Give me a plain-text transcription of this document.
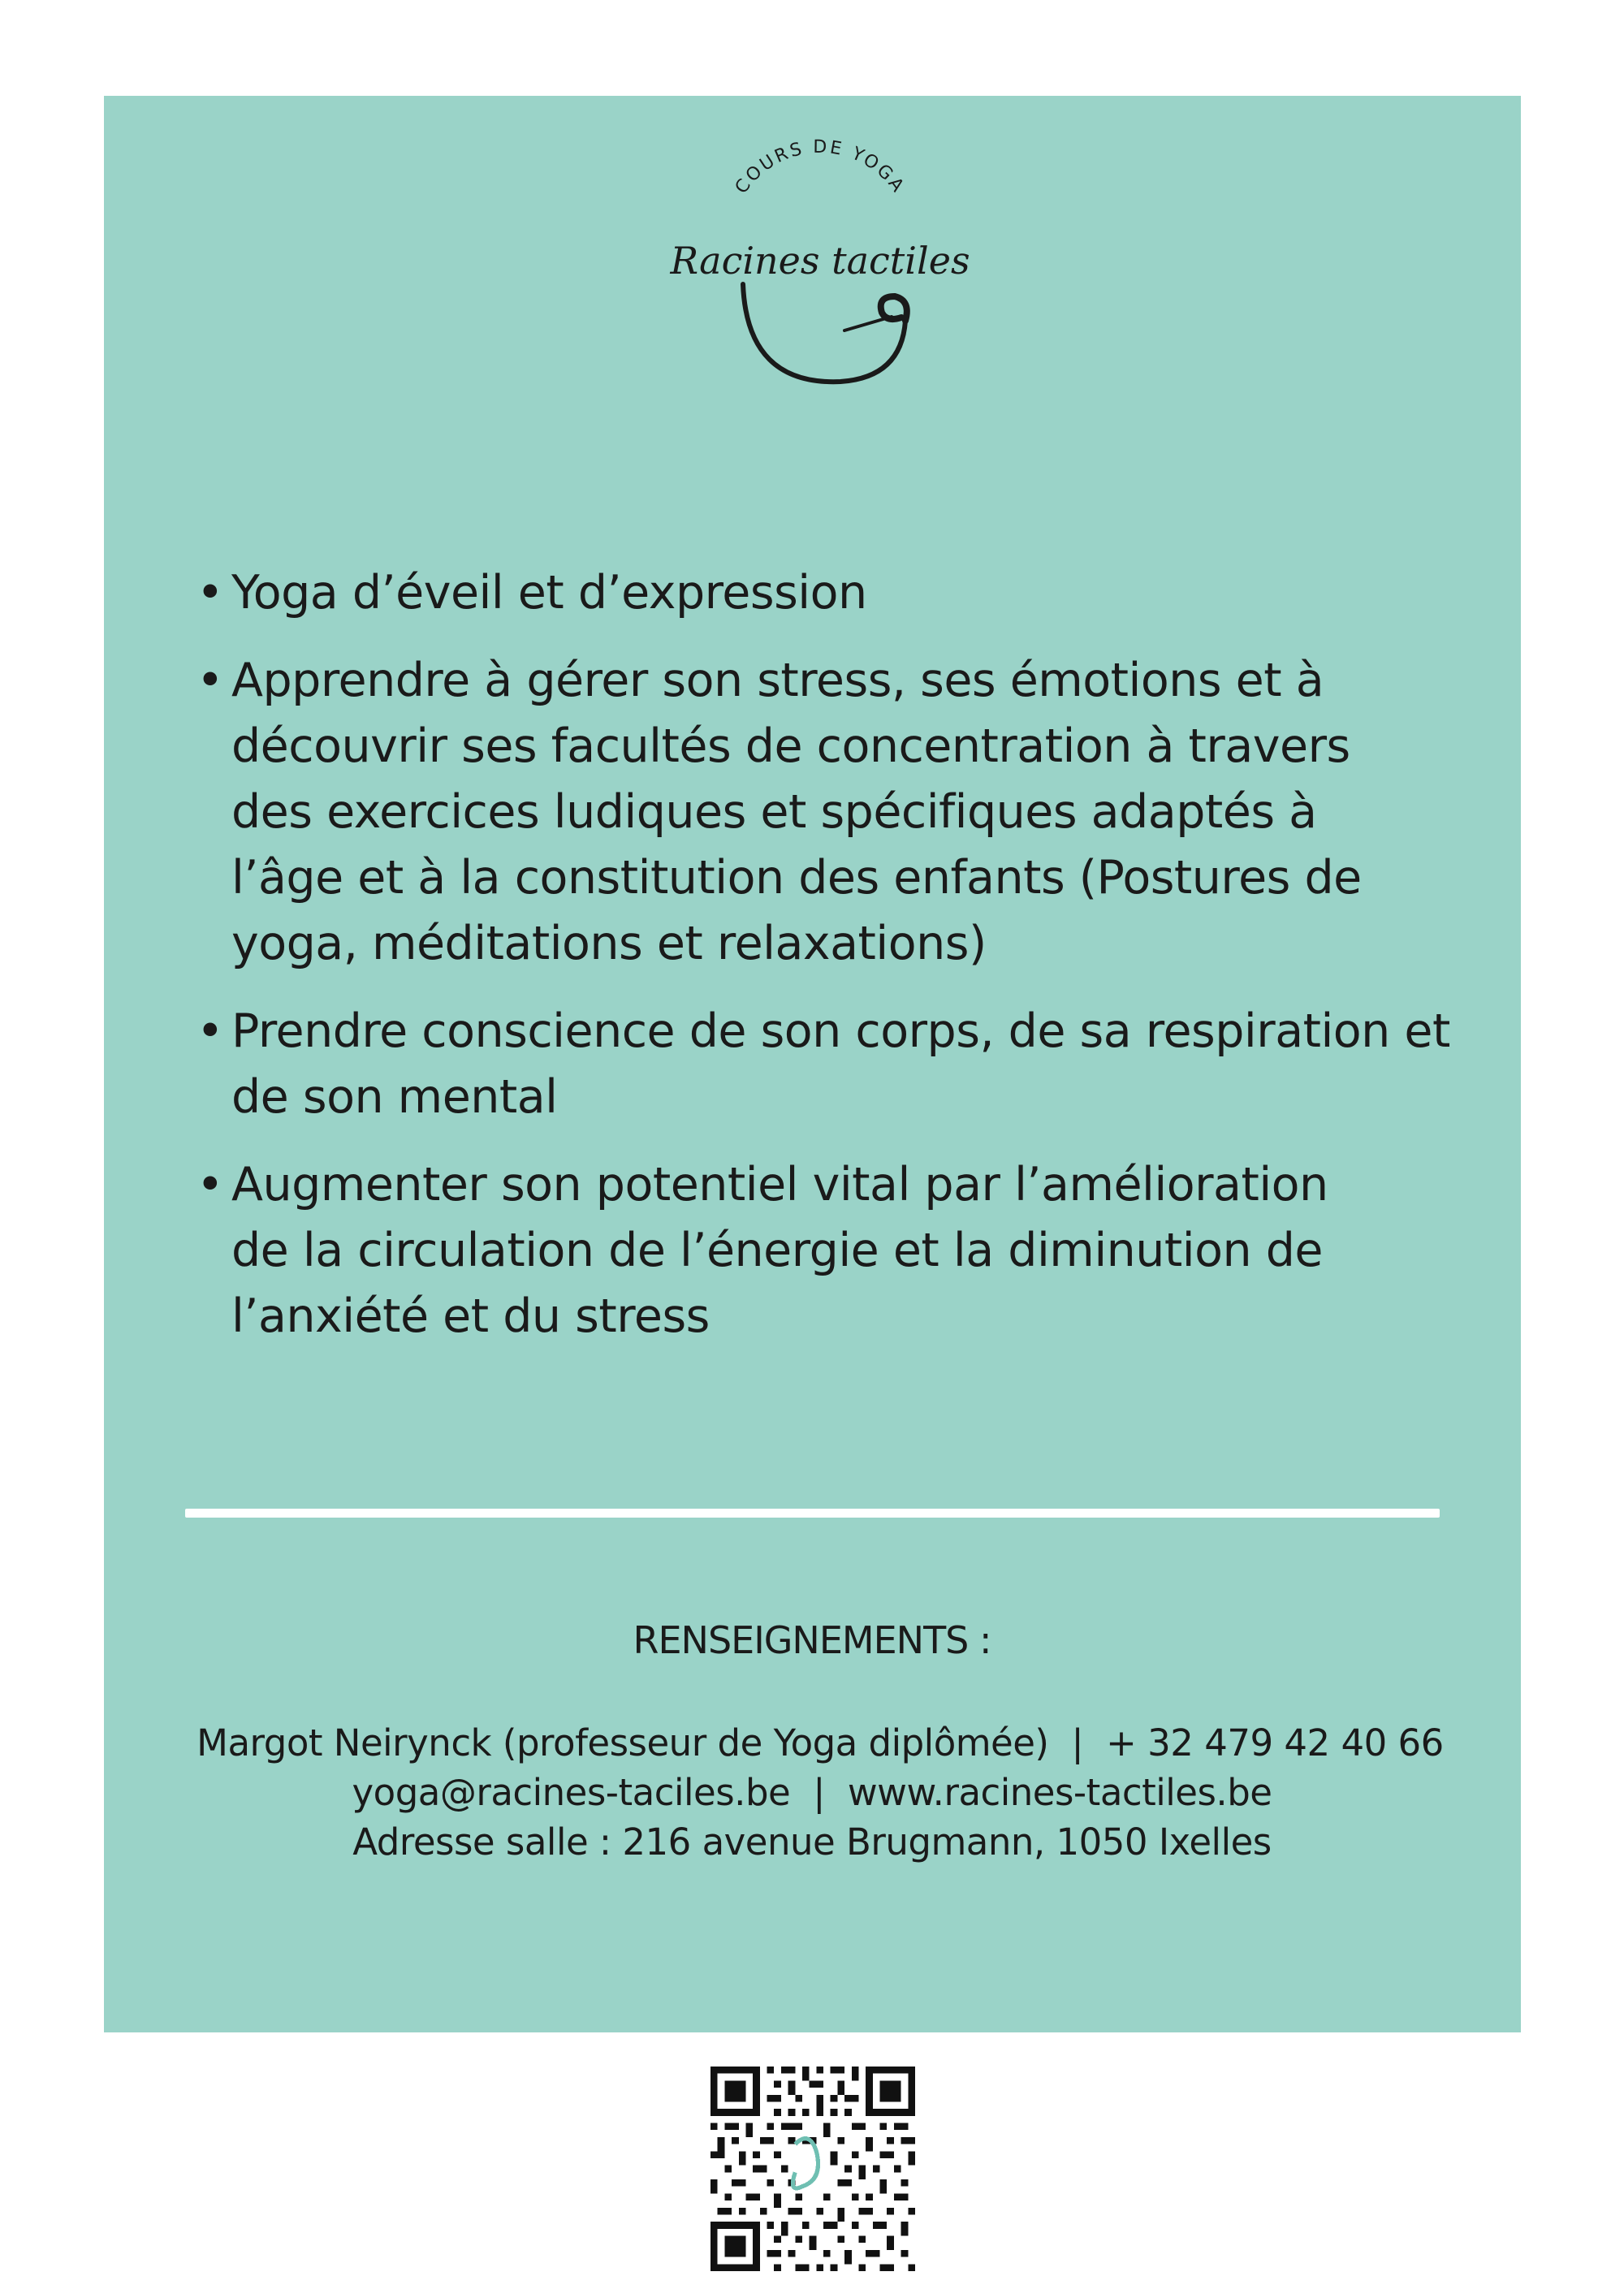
COURS DE YOGA
Racines tactiles
• Yoga d’éveil et d’expression
• Apprendre à gérer son stress, ses émotions et à découvrir ses facultés de concentration à travers des exercices ludiques et spécifiques adaptés à l’âge et à la constitution des enfants (Postures de yoga, méditations et relaxations)
• Prendre conscience de son corps, de sa respiration et de son mental
• Augmenter son potentiel vital par l’amélioration de la circulation de l’énergie et la diminution de l’anxiété et du stress
RENSEIGNEMENTS :
Margot Neirynck (professeur de Yoga diplômée) | + 32 479 42 40 66
yoga@racines-taciles.be | www.racines-tactiles.be
Adresse salle : 216 avenue Brugmann, 1050 Ixelles
